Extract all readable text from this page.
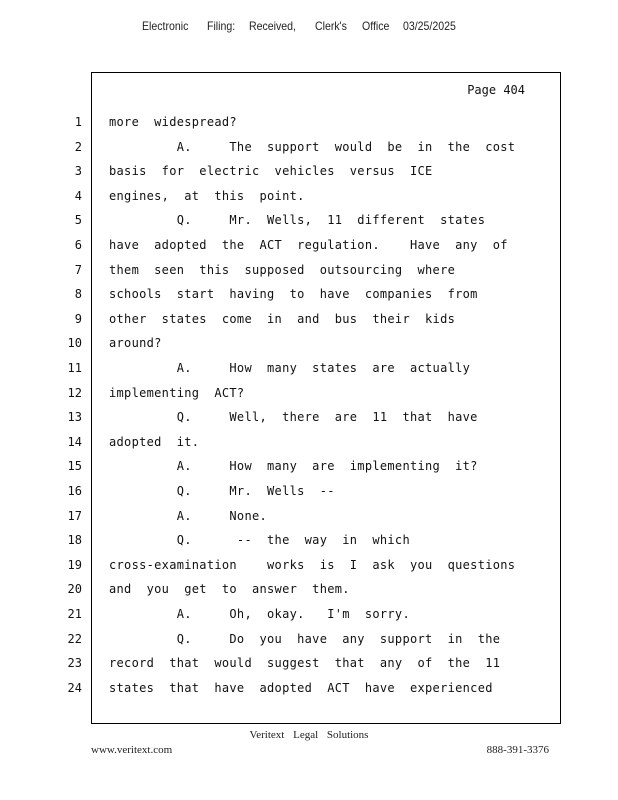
Electronic Filing: Received, Clerk's Office 03/25/2025
Page 404
1 more  widespread?
2 A.     The  support  would  be  in  the  cost
3 basis  for  electric  vehicles  versus  ICE
4 engines,  at  this  point.
5 Q.     Mr.  Wells,  11  different  states
6 have  adopted  the  ACT  regulation.    Have  any  of
7 them  seen  this  supposed  outsourcing  where
8 schools  start  having  to  have  companies  from
9 other  states  come  in  and  bus  their  kids
10 around?
11 A.     How  many  states  are  actually
12 implementing  ACT?
13 Q.     Well,  there  are  11  that  have
14 adopted  it.
15 A.     How  many  are  implementing  it?
16 Q.     Mr.  Wells  --
17 A.     None.
18 Q.      --  the  way  in  which
19 cross-examination    works  is  I  ask  you  questions
20 and  you  get  to  answer  them.
21 A.     Oh,  okay.   I'm  sorry.
22 Q.     Do  you  have  any  support  in  the
23 record  that  would  suggest  that  any  of  the  11
24 states  that  have  adopted  ACT  have  experienced
Veritext Legal Solutions
www.veritext.com	888-391-3376
